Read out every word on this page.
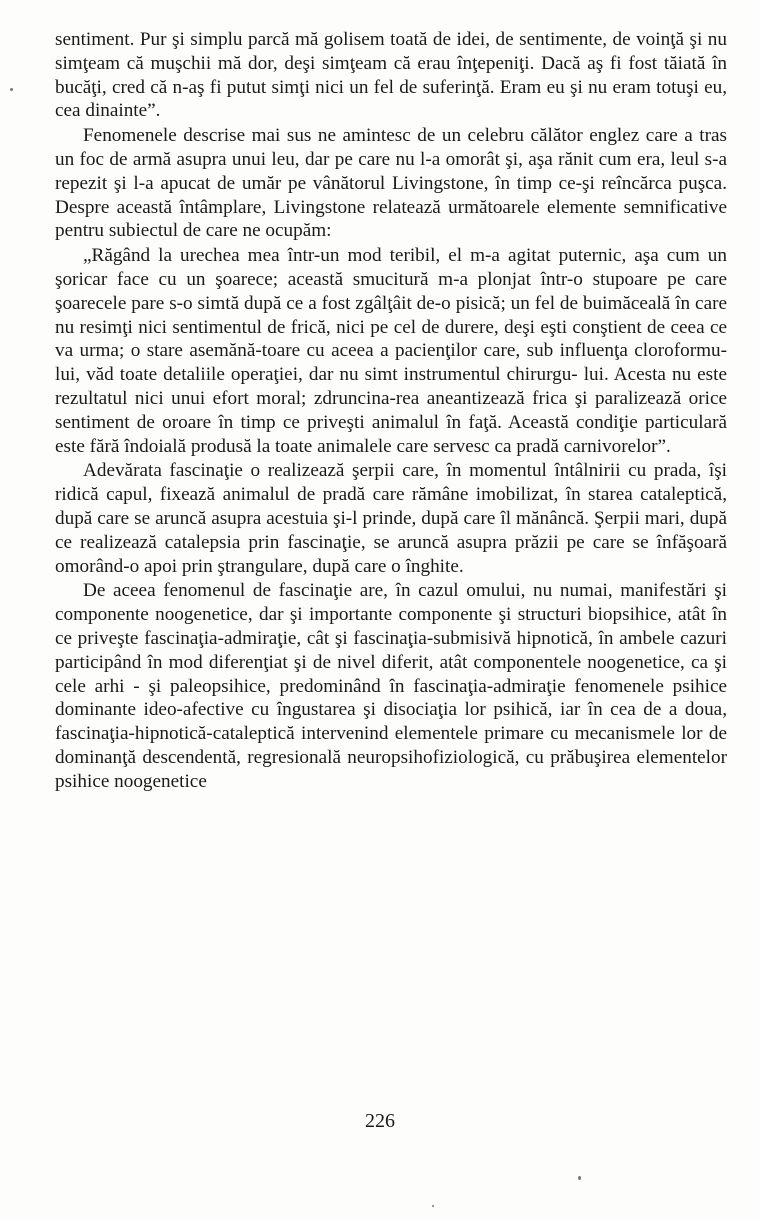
sentiment. Pur şi simplu parcă mă golisem toată de idei, de sentimente, de voinţă şi nu simţeam că muşchii mă dor, deşi simţeam că erau înţepeniţi. Dacă aş fi fost tăiată în bucăţi, cred că n-aş fi putut simţi nici un fel de suferinţă. Eram eu şi nu eram totuşi eu, cea dinainte”.

Fenomenele descrise mai sus ne amintesc de un celebru călător englez care a tras un foc de armă asupra unui leu, dar pe care nu l-a omorât şi, aşa rănit cum era, leul s-a repezit şi l-a apucat de umăr pe vânătorul Livingstone, în timp ce-şi reîncărca puşca. Despre această întâmplare, Livingstone relatează următoarele elemente semnificative pentru subiectul de care ne ocupăm:

„Răgând la urechea mea într-un mod teribil, el m-a agitat puternic, aşa cum un şoricar face cu un şoarece; această smucitură m-a plonjat într-o stupoare pe care şoarecele pare s-o simtă după ce a fost zgâlţâit de-o pisică; un fel de buimăceală în care nu resimţi nici sentimentul de frică, nici pe cel de durere, deşi eşti conştient de ceea ce va urma; o stare asemănă-toare cu aceea a pacienţilor care, sub influenţa cloroformu- lui, văd toate detaliile operaţiei, dar nu simt instrumentul chirurgu- lui. Acesta nu este rezultatul nici unui efort moral; zdruncina-rea aneantizează frica şi paralizează orice sentiment de oroare în timp ce priveşti animalul în faţă. Această condiţie particulară este fără îndoială produsă la toate animalele care servesc ca pradă carnivorelor”.

Adevărata fascinaţie o realizează şerpii care, în momentul întâlnirii cu prada, îşi ridică capul, fixează animalul de pradă care rămâne imobilizat, în starea cataleptică, după care se aruncă asupra acestuia şi-l prinde, după care îl mănâncă. Şerpii mari, după ce realizează catalepsia prin fascinaţie, se aruncă asupra prăzii pe care se înfăşoară omorând-o apoi prin ştrangulare, după care o înghite.

De aceea fenomenul de fascinaţie are, în cazul omului, nu numai, manifestări şi componente noogenetice, dar şi importante componente şi structuri biopsihice, atât în ce priveşte fascinaţia-admiraţie, cât şi fascinaţia-submisivă hipnotică, în ambele cazuri participând în mod diferenţiat şi de nivel diferit, atât componentele noogenetice, ca şi cele arhi - şi paleopsihice, predominând în fascinaţia-admiraţie fenomenele psihice dominante ideo-afective cu îngustarea şi disociaţia lor psihică, iar în cea de a doua, fascinaţia-hipnotică-cataleptică intervenind elementele primare cu mecanismele lor de dominanţă descendentă, regresională neuropsihofiziologică, cu prăbuşirea elementelor psihice noogenetice

226
